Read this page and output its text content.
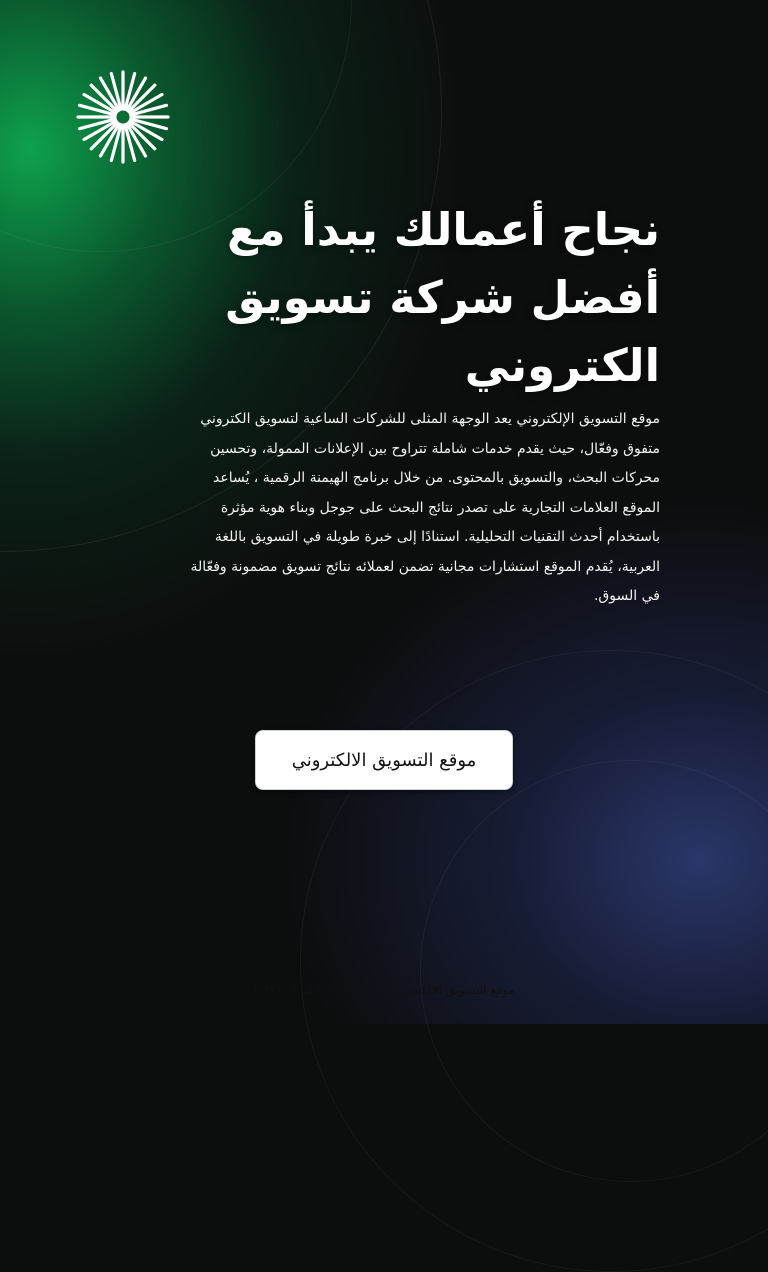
نجاح أعمالك يبدأ مع
أفضل شركة تسويق
الكتروني

موقع التسويق الإلكتروني يعد الوجهة المثلى للشركات الساعية لتسويق الكتروني
متفوق وفعّال، حيث يقدم خدمات شاملة تتراوح بين الإعلانات الممولة، وتحسين
محركات البحث، والتسويق بالمحتوى. من خلال برنامج الهيمنة الرقمية ، يُساعد
الموقع العلامات التجارية على تصدر نتائج البحث على جوجل وبناء هوية مؤثرة
باستخدام أحدث التقنيات التحليلية. استنادًا إلى خبرة طويلة في التسويق باللغة
العربية، يُقدم الموقع استشارات مجانية تضمن لعملائه نتائج تسويق مضمونة وفعّالة
في السوق.

موقع التسويق الالكتروني
www.etasweeq.io | موقع التسويق الالكتروني
